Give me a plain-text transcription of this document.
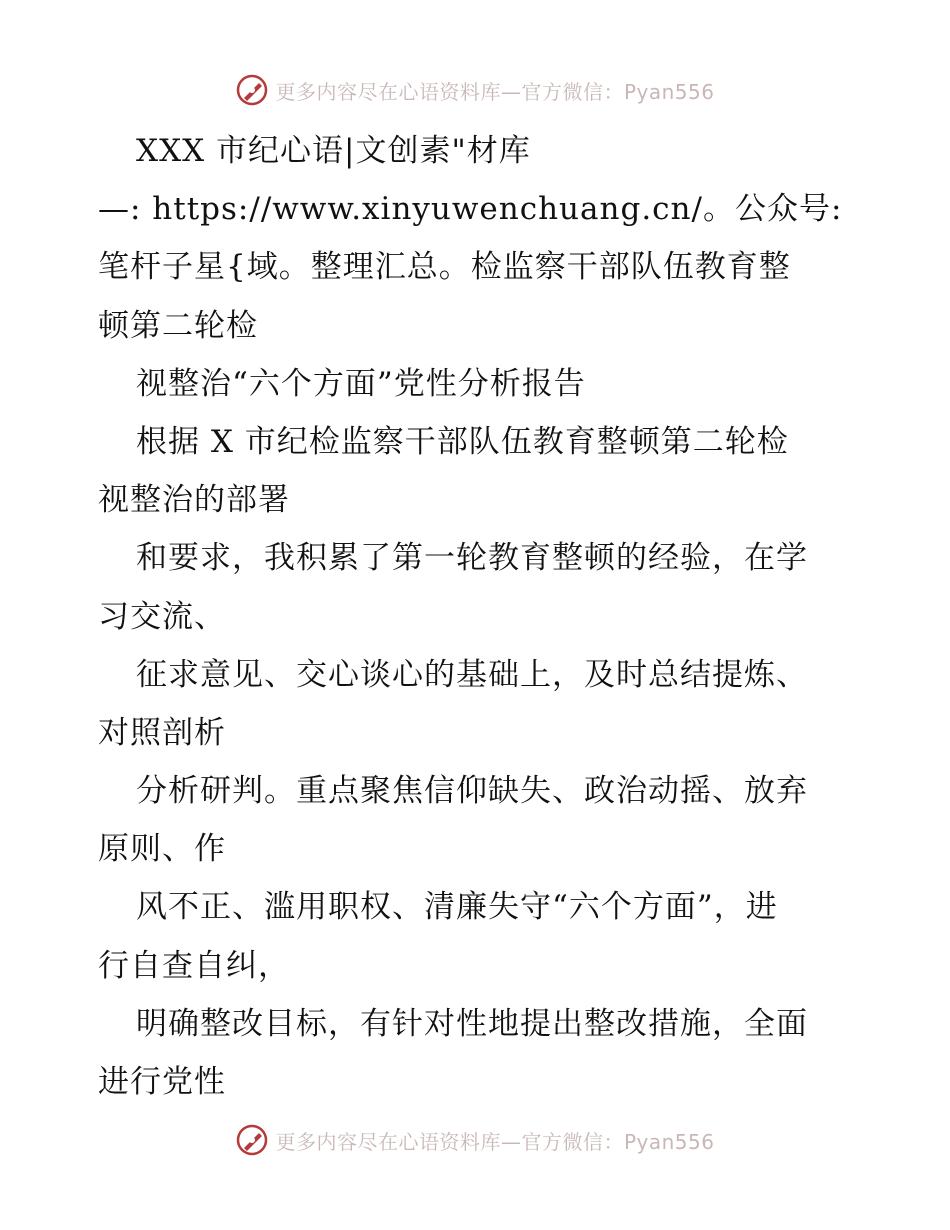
更多内容尽在心语资料库—官方微信：Pyan556
XXX 市纪心语|文创素"材库
—: https://www.xinyuwenchuang.cn/。公众号:
笔杆子星{域。整理汇总。检监察干部队伍教育整
顿第二轮检
视整治“六个方面”党性分析报告
根据 X 市纪检监察干部队伍教育整顿第二轮检
视整治的部署
和要求，我积累了第一轮教育整顿的经验，在学
习交流、
征求意见、交心谈心的基础上，及时总结提炼、
对照剖析
分析研判。重点聚焦信仰缺失、政治动摇、放弃
原则、作
风不正、滥用职权、清廉失守“六个方面”，进
行自查自纠，
明确整改目标，有针对性地提出整改措施，全面
进行党性
更多内容尽在心语资料库—官方微信：Pyan556
